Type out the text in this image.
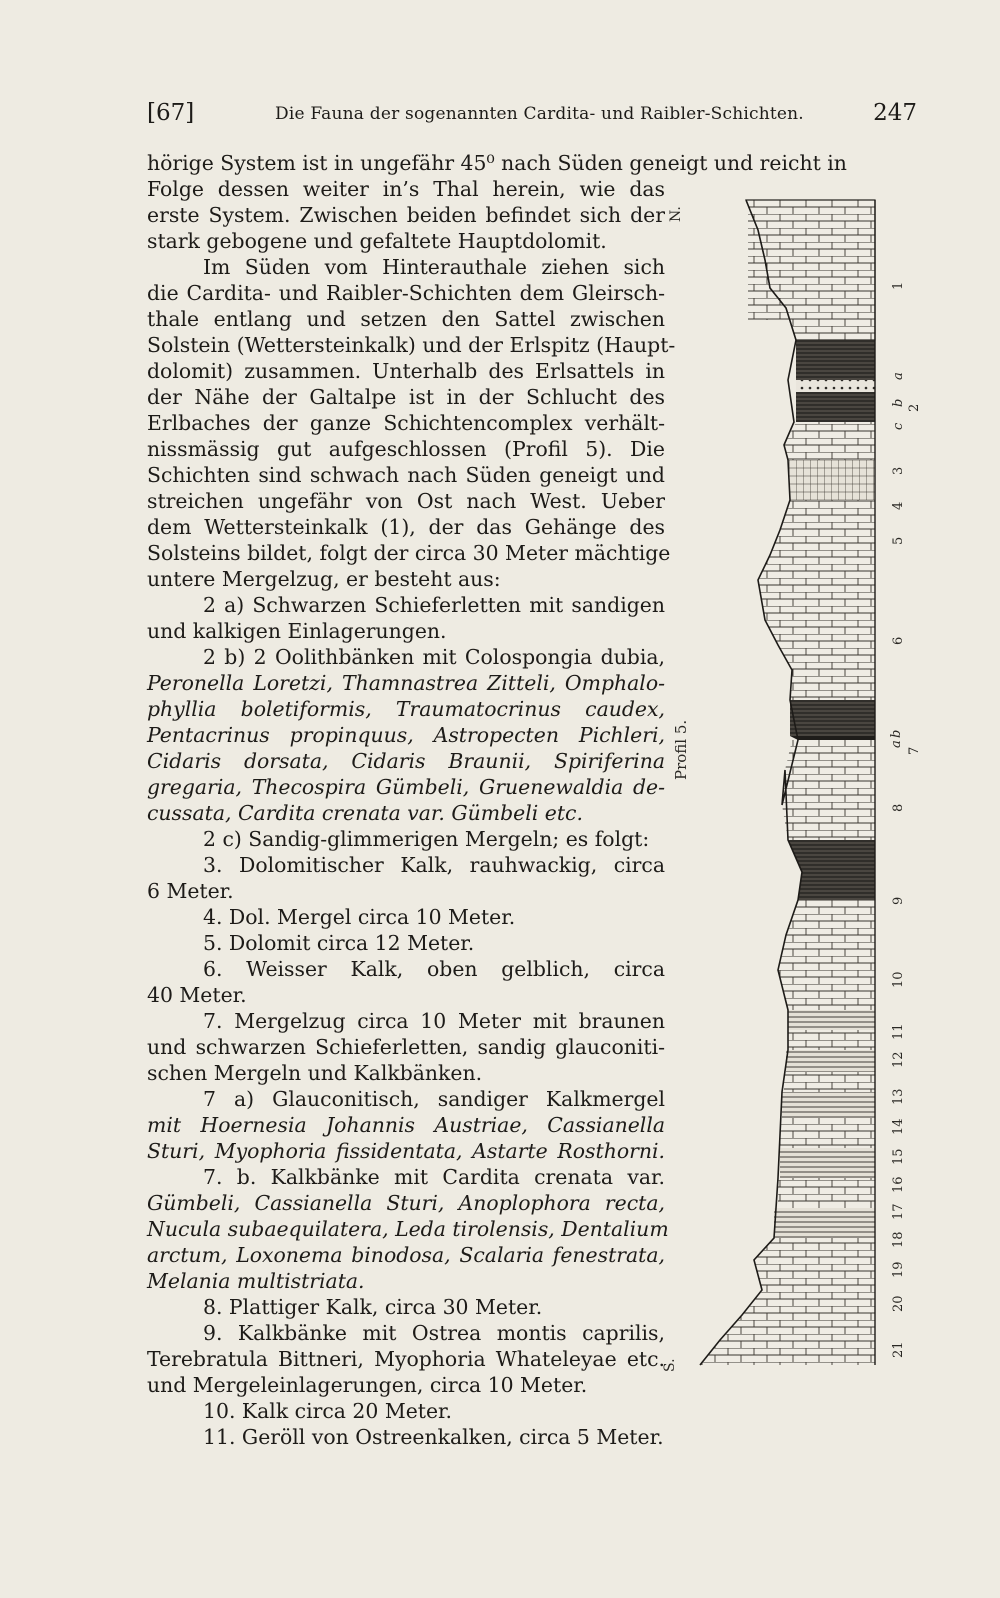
[67]	Die Fauna der sogenannten Cardita- und Raibler-Schichten.	247
hörige System ist in ungefähr 45⁰ nach Süden geneigt und reicht in
Folge dessen weiter in’s Thal herein, wie das
erste System. Zwischen beiden befindet sich der
stark gebogene und gefaltete Hauptdolomit.
Im Süden vom Hinterauthale ziehen sich
die Cardita- und Raibler-Schichten dem Gleirsch-
thale entlang und setzen den Sattel zwischen
Solstein (Wettersteinkalk) und der Erlspitz (Haupt-
dolomit) zusammen. Unterhalb des Erlsattels in
der Nähe der Galtalpe ist in der Schlucht des
Erlbaches der ganze Schichtencomplex verhält-
nissmässig gut aufgeschlossen (Profil 5). Die
Schichten sind schwach nach Süden geneigt und
streichen ungefähr von Ost nach West. Ueber
dem Wettersteinkalk (1), der das Gehänge des
Solsteins bildet, folgt der circa 30 Meter mächtige
untere Mergelzug, er besteht aus:
2 a) Schwarzen Schieferletten mit sandigen
und kalkigen Einlagerungen.
2 b) 2 Oolithbänken mit Colospongia dubia,
Peronella Loretzi, Thamnastrea Zitteli, Omphalo-
phyllia boletiformis, Traumatocrinus caudex,
Pentacrinus propinquus, Astropecten Pichleri,
Cidaris dorsata, Cidaris Braunii, Spiriferina
gregaria, Thecospira Gümbeli, Gruenewaldia de-
cussata, Cardita crenata var. Gümbeli etc.
2 c) Sandig-glimmerigen Mergeln; es folgt:
3. Dolomitischer Kalk, rauhwackig, circa
6 Meter.
4. Dol. Mergel circa 10 Meter.
5. Dolomit circa 12 Meter.
6. Weisser Kalk, oben gelblich, circa
40 Meter.
7. Mergelzug circa 10 Meter mit braunen
und schwarzen Schieferletten, sandig glauconiti-
schen Mergeln und Kalkbänken.
7 a) Glauconitisch, sandiger Kalkmergel
mit Hoernesia Johannis Austriae, Cassianella
Sturi, Myophoria fissidentata, Astarte Rosthorni.
7. b. Kalkbänke mit Cardita crenata var.
Gümbeli, Cassianella Sturi, Anoplophora recta,
Nucula subaequilatera, Leda tirolensis, Dentalium
arctum, Loxonema binodosa, Scalaria fenestrata,
Melania multistriata.
8. Plattiger Kalk, circa 30 Meter.
9. Kalkbänke mit Ostrea montis caprilis,
Terebratula Bittneri, Myophoria Whateleyae etc.
und Mergeleinlagerungen, circa 10 Meter.
10. Kalk circa 20 Meter.
11. Geröll von Ostreenkalken, circa 5 Meter.
N.
S.
Profil 5.
1
2
a
b
c
3
4
5
6
7
a
b
8
9
10
11
12
13
14
15
16
17
18
19
20
21
